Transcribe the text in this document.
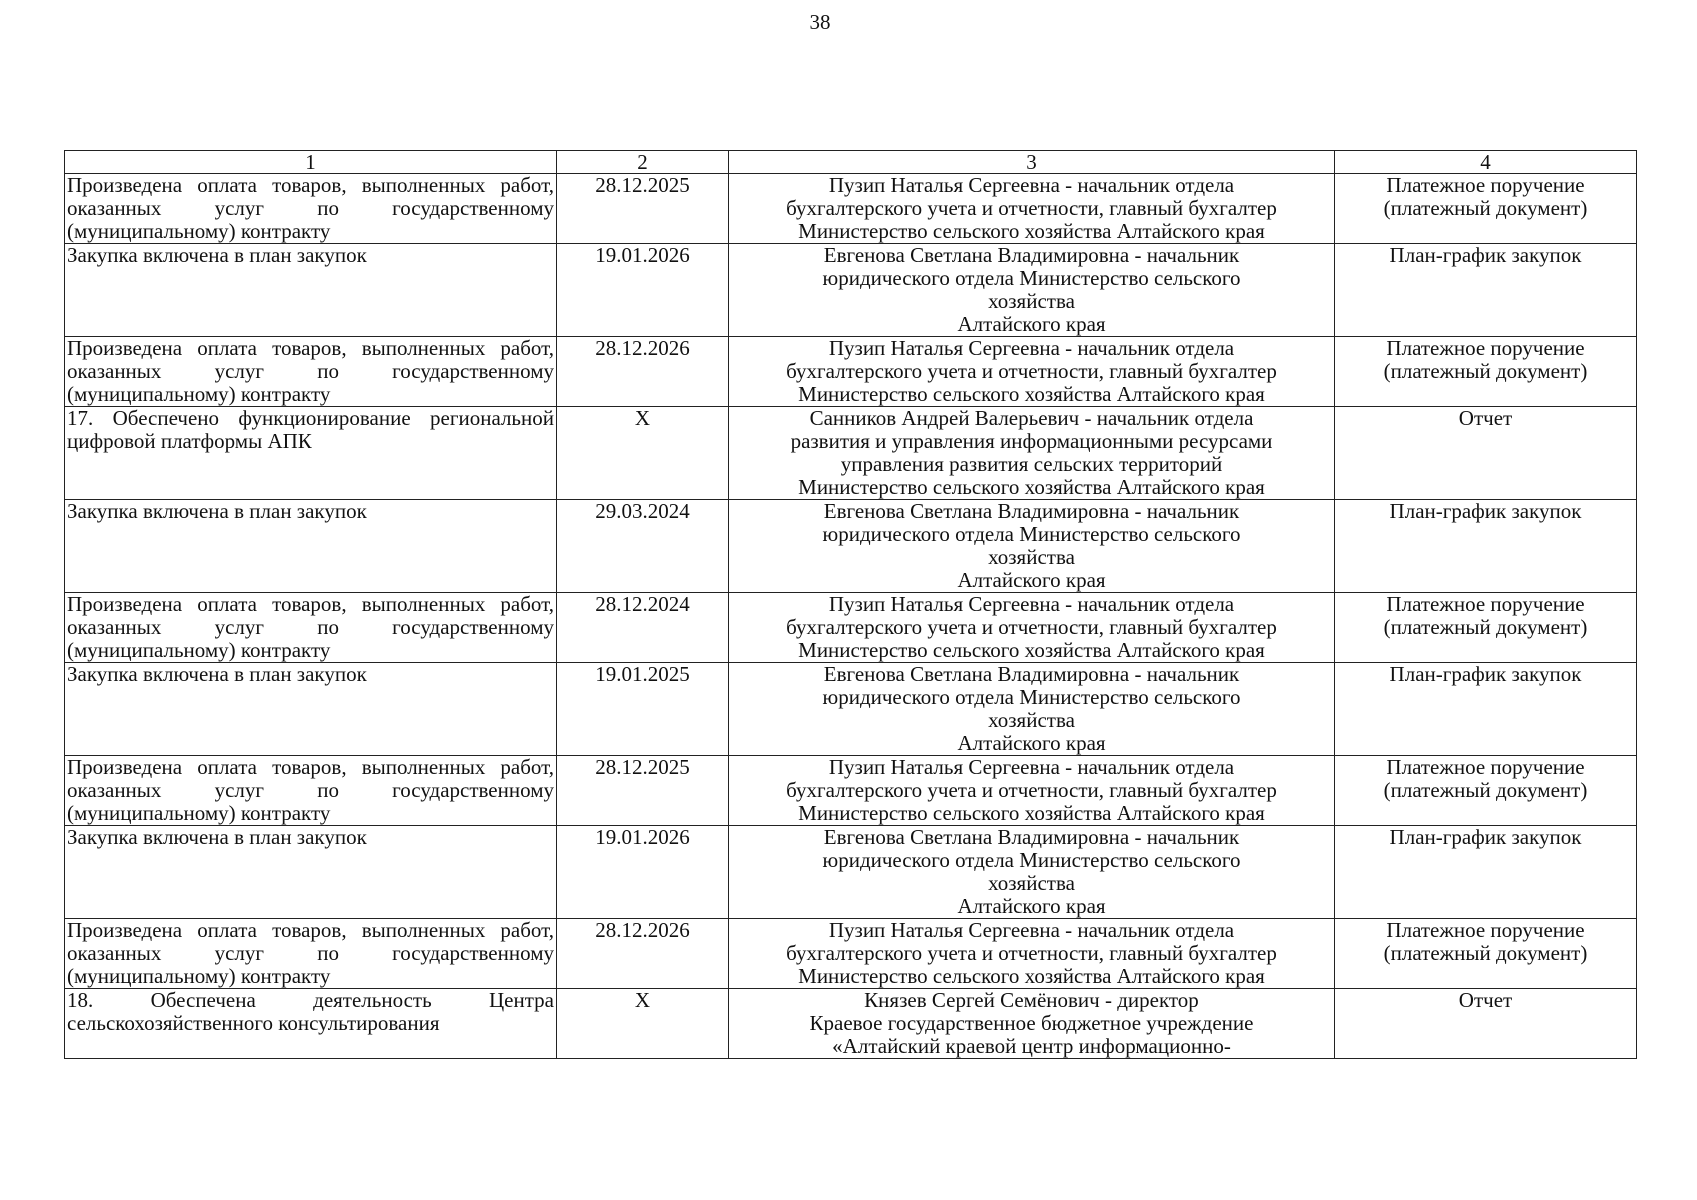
38
1	2	3	4
Произведена оплата товаров, выполненных работ, оказанных услуг по государственному (муниципальному) контракту	28.12.2025	Пузип Наталья Сергеевна - начальник отдела
бухгалтерского учета и отчетности, главный бухгалтер
Министерство сельского хозяйства Алтайского края	Платежное поручение
(платежный документ)

Закупка включена в план закупок	19.01.2026	Евгенова Светлана Владимировна - начальник
юридического отдела Министерство сельского
хозяйства
Алтайского края	План-график закупок

Произведена оплата товаров, выполненных работ, оказанных услуг по государственному (муниципальному) контракту	28.12.2026	Пузип Наталья Сергеевна - начальник отдела
бухгалтерского учета и отчетности, главный бухгалтер
Министерство сельского хозяйства Алтайского края	Платежное поручение
(платежный документ)

17. Обеспечено функционирование региональной цифровой платформы АПК	X	Санников Андрей Валерьевич - начальник отдела
развития и управления информационными ресурсами
управления развития сельских территорий
Министерство сельского хозяйства Алтайского края	Отчет

Закупка включена в план закупок	29.03.2024	Евгенова Светлана Владимировна - начальник
юридического отдела Министерство сельского
хозяйства
Алтайского края	План-график закупок

Произведена оплата товаров, выполненных работ, оказанных услуг по государственному (муниципальному) контракту	28.12.2024	Пузип Наталья Сергеевна - начальник отдела
бухгалтерского учета и отчетности, главный бухгалтер
Министерство сельского хозяйства Алтайского края	Платежное поручение
(платежный документ)

Закупка включена в план закупок	19.01.2025	Евгенова Светлана Владимировна - начальник
юридического отдела Министерство сельского
хозяйства
Алтайского края	План-график закупок

Произведена оплата товаров, выполненных работ, оказанных услуг по государственному (муниципальному) контракту	28.12.2025	Пузип Наталья Сергеевна - начальник отдела
бухгалтерского учета и отчетности, главный бухгалтер
Министерство сельского хозяйства Алтайского края	Платежное поручение
(платежный документ)

Закупка включена в план закупок	19.01.2026	Евгенова Светлана Владимировна - начальник
юридического отдела Министерство сельского
хозяйства
Алтайского края	План-график закупок

Произведена оплата товаров, выполненных работ, оказанных услуг по государственному (муниципальному) контракту	28.12.2026	Пузип Наталья Сергеевна - начальник отдела
бухгалтерского учета и отчетности, главный бухгалтер
Министерство сельского хозяйства Алтайского края	Платежное поручение
(платежный документ)

18. Обеспечена деятельность Центра сельскохозяйственного консультирования	X	Князев Сергей Семёнович - директор
Краевое государственное бюджетное учреждение
«Алтайский краевой центр информационно-	Отчет
